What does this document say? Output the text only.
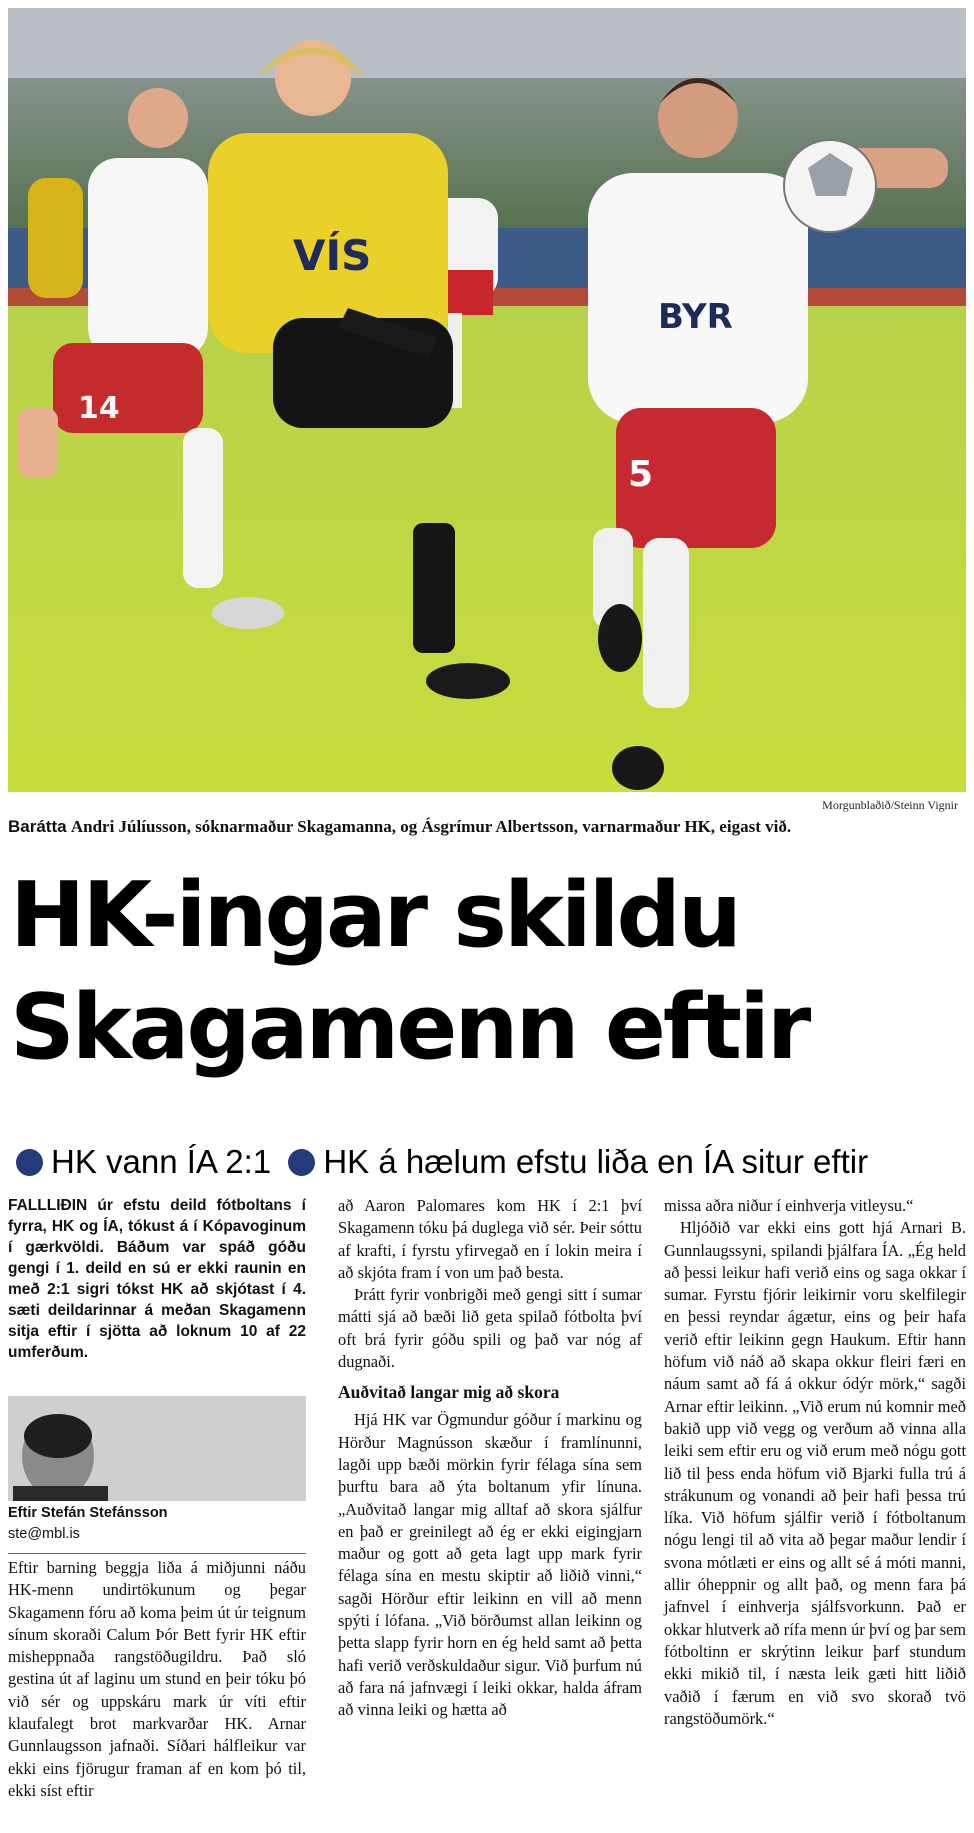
14
VÍS
BYR
5
Morgunblaðið/Steinn Vignir
Barátta Andri Júlíusson, sóknarmaður Skagamanna, og Ásgrímur Albertsson, varnarmaður HK, eigast við.
HK-ingar skildu
Skagamenn eftir
HK vann ÍA 2:1 HK á hælum efstu liða en ÍA situr eftir

FALLLIÐIN úr efstu deild fótboltans í fyrra, HK og ÍA, tókust á í Kópavoginum í gærkvöldi. Báðum var spáð góðu gengi í 1. deild en sú er ekki raunin en með 2:1 sigri tókst HK að skjótast í 4. sæti deildarinnar á meðan Skagamenn sitja eftir í sjötta að loknum 10 af 22 umferðum.

Eftir Stefán Stefánsson
ste@mbl.is

Eftir barning beggja liða á miðjunni náðu HK-menn undirtökunum og þegar Skagamenn fóru að koma þeim út úr teignum sínum skoraði Calum Þór Bett fyrir HK eftir misheppnaða rangstöðugildru. Það sló gestina út af laginu um stund en þeir tóku þó við sér og uppskáru mark úr víti eftir klaufalegt brot markvarðar HK. Arnar Gunnlaugsson jafnaði. Síðari hálfleikur var ekki eins fjörugur framan af en kom þó til, ekki síst eftir

að Aaron Palomares kom HK í 2:1 því Skagamenn tóku þá duglega við sér. Þeir sóttu af krafti, í fyrstu yfirvegað en í lokin meira í að skjóta fram í von um það besta.

Þrátt fyrir vonbrigði með gengi sitt í sumar mátti sjá að bæði lið geta spilað fótbolta því oft brá fyrir góðu spili og það var nóg af dugnaði.

Auðvitað langar mig að skora

Hjá HK var Ögmundur góður í markinu og Hörður Magnússon skæður í framlínunni, lagði upp bæði mörkin fyrir félaga sína sem þurftu bara að ýta boltanum yfir línuna. „Auðvitað langar mig alltaf að skora sjálfur en það er greinilegt að ég er ekki eigingjarn maður og gott að geta lagt upp mark fyrir félaga sína en mestu skiptir að liðið vinni,“ sagði Hörður eftir leikinn en vill að menn spýti í lófana. „Við börðumst allan leikinn og þetta slapp fyrir horn en ég held samt að þetta hafi verið verðskuldaður sigur. Við þurfum nú að fara ná jafnvægi í leiki okkar, halda áfram að vinna leiki og hætta að

missa aðra niður í einhverja vitleysu.“

Hljóðið var ekki eins gott hjá Arnari B. Gunnlaugssyni, spilandi þjálfara ÍA. „Ég held að þessi leikur hafi verið eins og saga okkar í sumar. Fyrstu fjórir leikirnir voru skelfilegir en þessi reyndar ágætur, eins og þeir hafa verið eftir leikinn gegn Haukum. Eftir hann höfum við náð að skapa okkur fleiri færi en náum samt að fá á okkur ódýr mörk,“ sagði Arnar eftir leikinn. „Við erum nú komnir með bakið upp við vegg og verðum að vinna alla leiki sem eftir eru og við erum með nógu gott lið til þess enda höfum við Bjarki fulla trú á strákunum og vonandi að þeir hafi þessa trú líka. Við höfum sjálfir verið í fótboltanum nógu lengi til að vita að þegar maður lendir í svona mótlæti er eins og allt sé á móti manni, allir óheppnir og allt það, og menn fara þá jafnvel í einhverja sjálfsvorkunn. Það er okkar hlutverk að rífa menn úr því og þar sem fótboltinn er skrýtinn leikur þarf stundum ekki mikið til, í næsta leik gæti hitt liðið vaðið í færum en við svo skorað tvö rangstöðumörk.“
